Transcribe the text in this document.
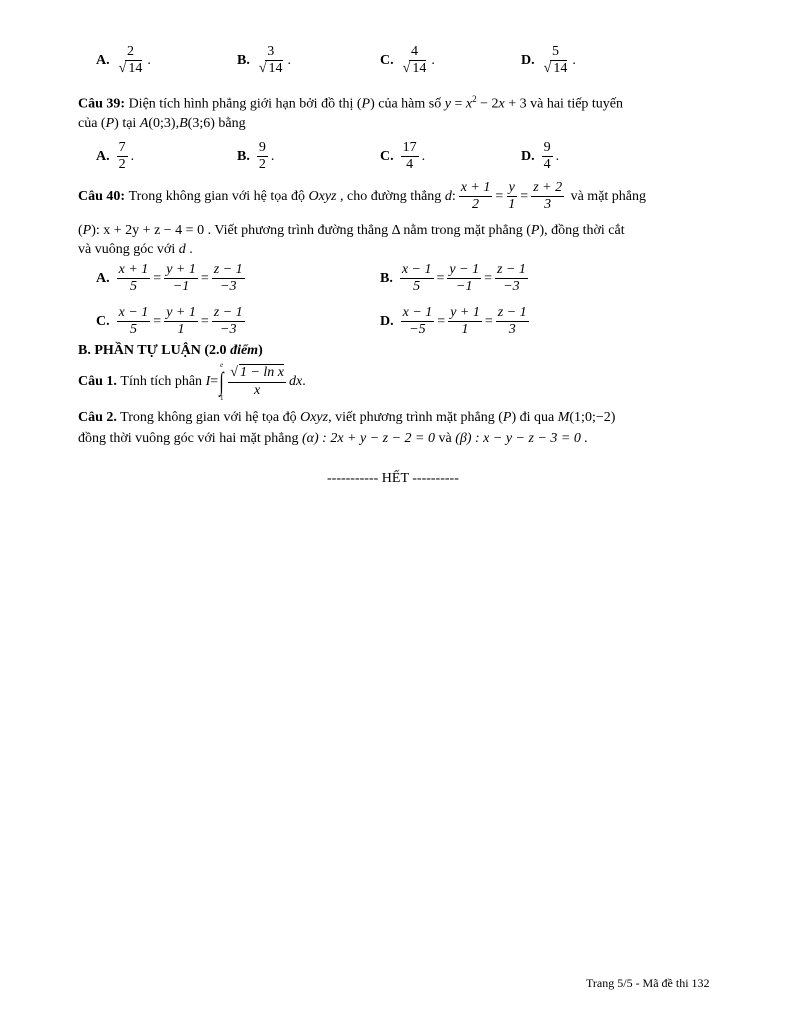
A. $\frac{2}{√ 14}$ .	B. $\frac{3}{√ 14}$ .	C. $\frac{4}{√ 14}$ .	D. $\frac{5}{√ 14}$ .
Câu 39: Diện tích hình phẳng giới hạn bởi đồ thị (P) của hàm số $y = x^2 - 2x + 3$ và hai tiếp tuyến
của (P) tại A(0;3),B(3;6) bằng
A. $\frac{7}{2}$ .	B. $\frac{9}{2}$ .	C. $\frac{17}{4}$ .	D. $\frac{9}{4}$ .
Câu 40:
Trong không gian với hệ tọa độ
Oxyz
, cho đường thẳng
d : $\frac{x + 1}{2} = \frac{y}{1} = \frac{z + 2}{3}$
và mặt phẳng
(P): x + 2y + z − 4 = 0 . Viết phương trình đường thẳng Δ nằm trong mặt phẳng (P), đồng thời cắt
và vuông góc với d .
A. $\frac{x + 1}{5} = \frac{y + 1}{-1} = \frac{z - 1}{-3}$	B. $\frac{x - 1}{5} = \frac{y - 1}{-1} = \frac{z - 1}{-3}$
C. $\frac{x - 1}{5} = \frac{y + 1}{1} = \frac{z - 1}{-3}$	D. $\frac{x - 1}{-5} = \frac{y + 1}{1} = \frac{z - 1}{3}$
B. PHẦN TỰ LUẬN (2.0 điểm)
Câu 1.
Tính tích phân
I =
e
∫
$1 \frac{\text{√ 1 − ln x}}{x}$ dx .
Câu 2. Trong không gian với hệ tọa độ Oxyz, viết phương trình mặt phẳng (P) đi qua M(1;0;−2)
đồng thời vuông góc với hai mặt phẳng (α) : 2x + y − z − 2 = 0 và (β) : x − y − z − 3 = 0 .
----------- HẾT ----------
Trang 5/5 - Mã đề thi 132
